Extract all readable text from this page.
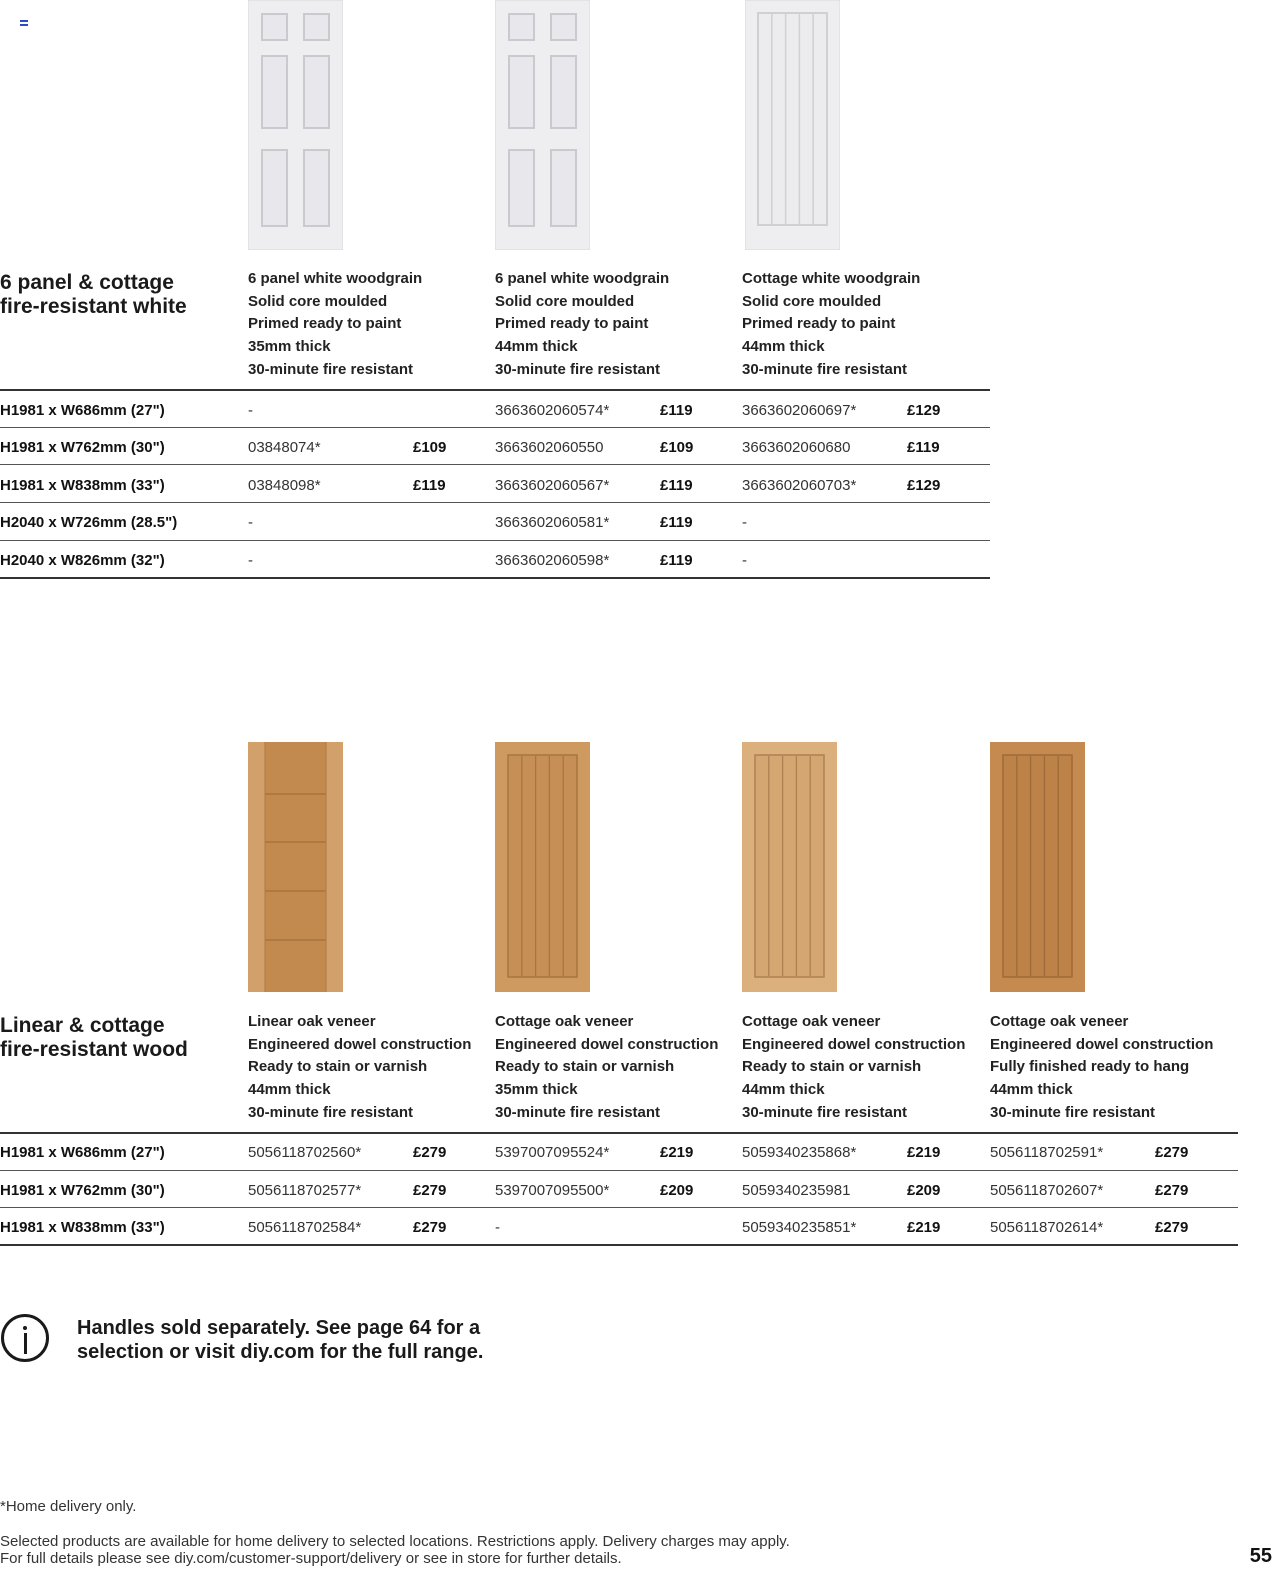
6 panel & cottage
fire-resistant white
6 panel white woodgrain
Solid core moulded
Primed ready to paint
35mm thick
30-minute fire resistant
6 panel white woodgrain
Solid core moulded
Primed ready to paint
44mm thick
30-minute fire resistant
Cottage white woodgrain
Solid core moulded
Primed ready to paint
44mm thick
30-minute fire resistant
H1981 x W686mm (27")	-	3663602060574*	£119	3663602060697*	£129
H1981 x W762mm (30")	03848074*	£109	3663602060550	£109	3663602060680	£119
H1981 x W838mm (33")	03848098*	£119	3663602060567*	£119	3663602060703*	£129
H2040 x W726mm (28.5")	-	3663602060581*	£119	-
H2040 x W826mm (32")	-	3663602060598*	£119	-
Linear & cottage
fire-resistant wood
Linear oak veneer
Engineered dowel construction
Ready to stain or varnish
44mm thick
30-minute fire resistant
Cottage oak veneer
Engineered dowel construction
Ready to stain or varnish
35mm thick
30-minute fire resistant
Cottage oak veneer
Engineered dowel construction
Ready to stain or varnish
44mm thick
30-minute fire resistant
Cottage oak veneer
Engineered dowel construction
Fully finished ready to hang
44mm thick
30-minute fire resistant
H1981 x W686mm (27")	5056118702560*	£279	5397007095524*	£219	5059340235868*	£219	5056118702591*	£279
H1981 x W762mm (30")	5056118702577*	£279	5397007095500*	£209	5059340235981	£209	5056118702607*	£279
H1981 x W838mm (33")	5056118702584*	£279	-	5059340235851*	£219	5056118702614*	£279
Handles sold separately. See page 64 for a
selection or visit diy.com for the full range.
*Home delivery only.
Selected products are available for home delivery to selected locations. Restrictions apply. Delivery charges may apply.
For full details please see diy.com/customer-support/delivery or see in store for further details.	55
